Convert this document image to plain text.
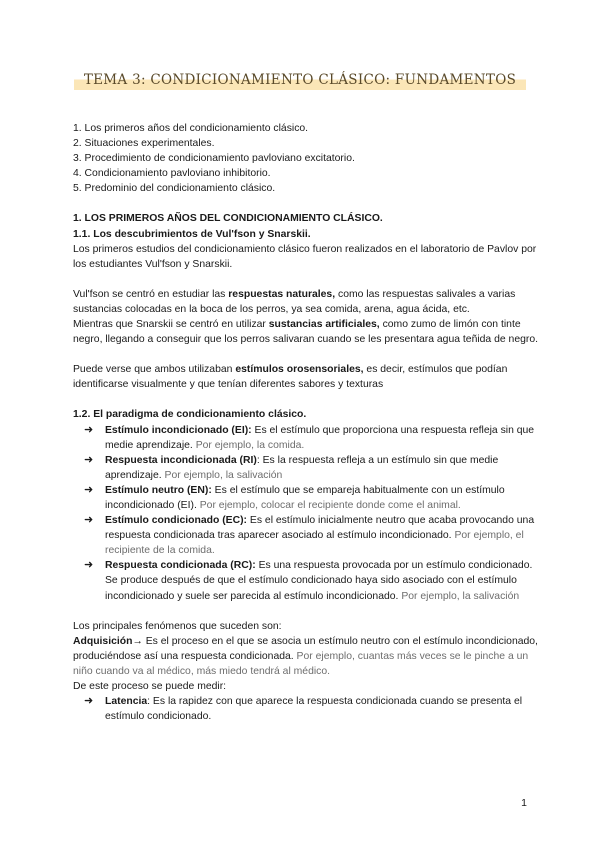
TEMA 3: CONDICIONAMIENTO CLÁSICO: FUNDAMENTOS
1. Los primeros años del condicionamiento clásico.
2. Situaciones experimentales.
3. Procedimiento de condicionamiento pavloviano excitatorio.
4. Condicionamiento pavloviano inhibitorio.
5. Predominio del condicionamiento clásico.
1. LOS PRIMEROS AÑOS DEL CONDICIONAMIENTO CLÁSICO.
1.1. Los descubrimientos de Vul'fson y Snarskii.

Los primeros estudios del condicionamiento clásico fueron realizados en el laboratorio de Pavlov por los estudiantes Vul'fson y Snarskii.

Vul'fson se centró en estudiar las respuestas naturales, como las respuestas salivales a varias sustancias colocadas en la boca de los perros, ya sea comida, arena, agua ácida, etc.

Mientras que Snarskii se centró en utilizar sustancias artificiales, como zumo de limón con tinte negro, llegando a conseguir que los perros salivaran cuando se les presentara agua teñida de negro.

Puede verse que ambos utilizaban estímulos orosensoriales, es decir, estímulos que podían identificarse visualmente y que tenían diferentes sabores y texturas

1.2. El paradigma de condicionamiento clásico.
➜ Estímulo incondicionado (EI): Es el estímulo que proporciona una respuesta refleja sin que medie aprendizaje. Por ejemplo, la comida.
➜ Respuesta incondicionada (RI): Es la respuesta refleja a un estímulo sin que medie aprendizaje. Por ejemplo, la salivación
➜ Estímulo neutro (EN): Es el estímulo que se empareja habitualmente con un estímulo incondicionado (EI). Por ejemplo, colocar el recipiente donde come el animal.
➜ Estímulo condicionado (EC): Es el estímulo inicialmente neutro que acaba provocando una respuesta condicionada tras aparecer asociado al estímulo incondicionado. Por ejemplo, el recipiente de la comida.
➜ Respuesta condicionada (RC): Es una respuesta provocada por un estímulo condicionado. Se produce después de que el estímulo condicionado haya sido asociado con el estímulo incondicionado y suele ser parecida al estímulo incondicionado. Por ejemplo, la salivación

Los principales fenómenos que suceden son:

Adquisición→ Es el proceso en el que se asocia un estímulo neutro con el estímulo incondicionado, produciéndose así una respuesta condicionada. Por ejemplo, cuantas más veces se le pinche a un niño cuando va al médico, más miedo tendrá al médico.

De este proceso se puede medir:

➜ Latencia: Es la rapidez con que aparece la respuesta condicionada cuando se presenta el estímulo condicionado.
1
